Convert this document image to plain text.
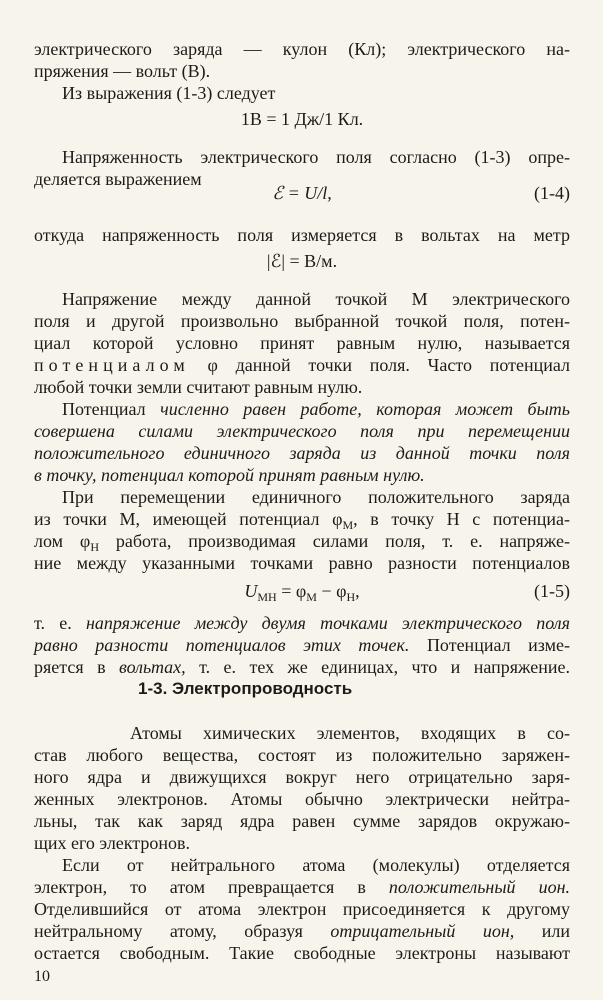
электрического заряда — кулон (Кл); электрического на-

пряжения — вольт (В).

Из выражения (1-3) следует

1В = 1 Дж/1 Кл.

Напряженность электрического поля согласно (1-3) опре-

деляется выражением

ℰ = U/l,	(1-4)

откуда напряженность поля измеряется в вольтах на метр

|ℰ| = В/м.

Напряжение между данной точкой M электрического

поля и другой произвольно выбранной точкой поля, потен-

циал которой условно принят равным нулю, называется

потенциалом φ данной точки поля. Часто потенциал

любой точки земли считают равным нулю.

Потенциал численно равен работе, которая может быть

совершена силами электрического поля при перемещении

положительного единичного заряда из данной точки поля

в точку, потенциал которой принят равным нулю.

При перемещении единичного положительного заряда

из точки M, имеющей потенциал $\varphi_M$, в точку H с потенциа-

лом $\varphi_H$ работа, производимая силами поля, т. е. напряже-

ние между указанными точками равно разности потенциалов

$U_{MH} = \varphi_M - \varphi_H$,	(1-5)

т. е. напряжение между двумя точками электрического поля

равно разности потенциалов этих точек. Потенциал изме-

ряется в вольтах, т. е. тех же единицах, что и напряжение.

1-3. Электропроводность

Атомы химических элементов, входящих в со-

став любого вещества, состоят из положительно заряжен-

ного ядра и движущихся вокруг него отрицательно заря-

женных электронов. Атомы обычно электрически нейтра-

льны, так как заряд ядра равен сумме зарядов окружаю-

щих его электронов.

Если от нейтрального атома (молекулы) отделяется

электрон, то атом превращается в положительный ион.

Отделившийся от атома электрон присоединяется к другому

нейтральному атому, образуя отрицательный ион, или

остается свободным. Такие свободные электроны называют

10
